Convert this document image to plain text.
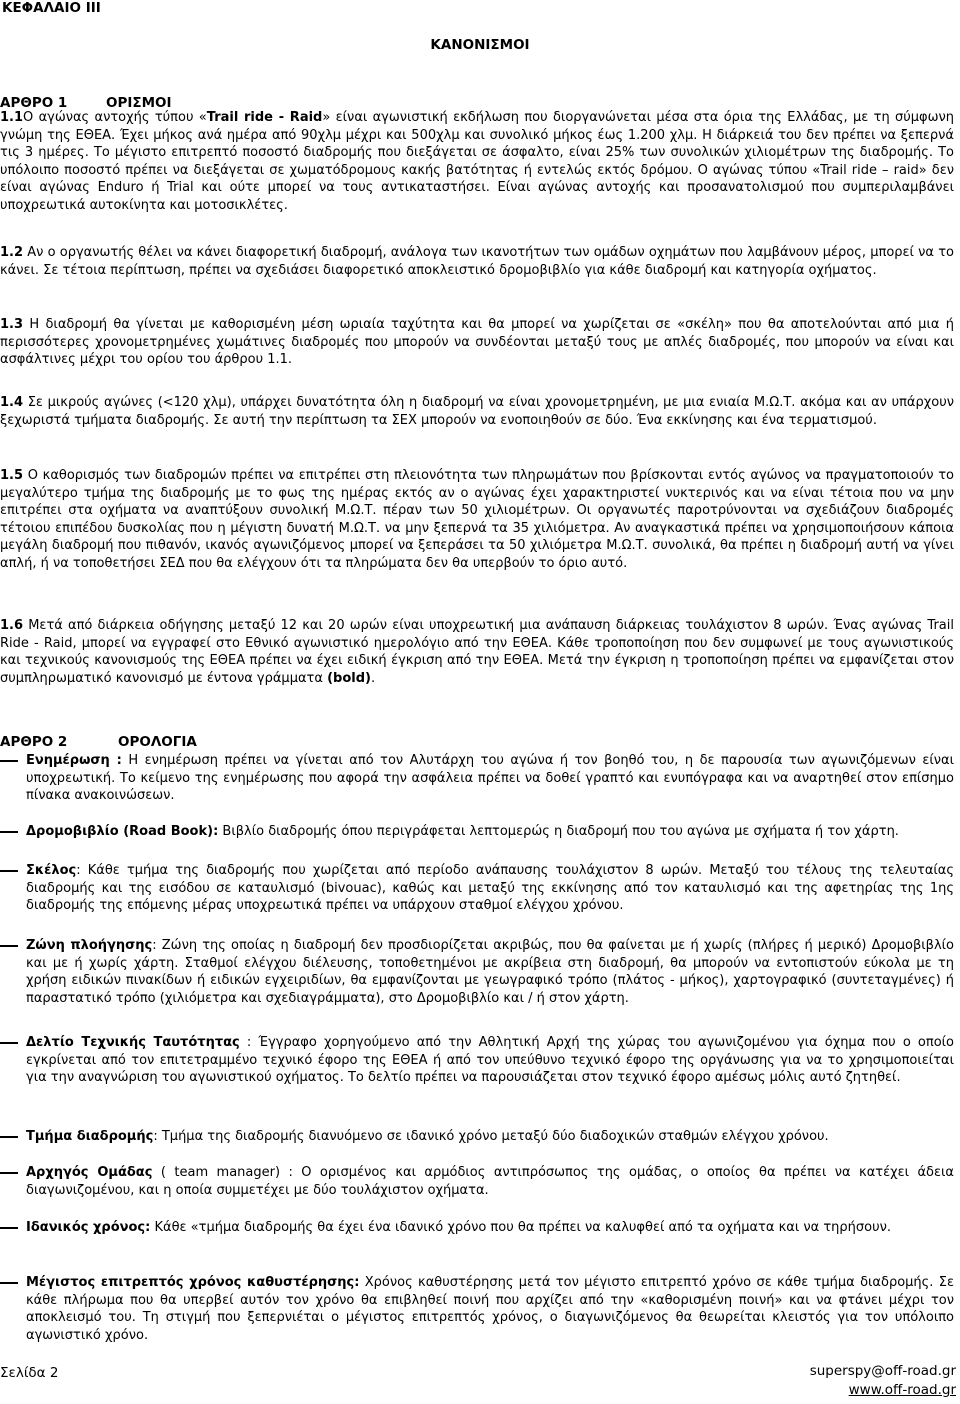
ΚΕΦΑΛΑΙΟ III
ΚΑΝΟΝΙΣΜΟΙ
ΑΡΘΡΟ 1	ΟΡΙΣΜΟΙ

1.1Ο αγώνας αντοχής τύπου «Trail ride - Raid» είναι αγωνιστική εκδήλωση που διοργανώνεται μέσα στα όρια της Ελλάδας, με τη σύμφωνη γνώμη της ΕΘΕΑ. Έχει μήκος ανά ημέρα από 90χλμ μέχρι και 500χλμ και συνολικό μήκος έως 1.200 χλμ. Η διάρκειά του δεν πρέπει να ξεπερνά τις 3 ημέρες. Το μέγιστο επιτρεπτό ποσοστό διαδρομής που διεξάγεται σε άσφαλτο, είναι 25% των συνολικών χιλιομέτρων της διαδρομής. Το υπόλοιπο ποσοστό πρέπει να διεξάγεται σε χωματόδρομους κακής βατότητας ή εντελώς εκτός δρόμου. Ο αγώνας τύπου «Trail ride – raid» δεν είναι αγώνας Enduro ή Trial και ούτε μπορεί να τους αντικαταστήσει. Είναι αγώνας αντοχής και προσανατολισμού που συμπεριλαμβάνει υποχρεωτικά αυτοκίνητα και μοτοσικλέτες.

1.2 Αν ο οργανωτής θέλει να κάνει διαφορετική διαδρομή, ανάλογα των ικανοτήτων των ομάδων οχημάτων που λαμβάνουν μέρος, μπορεί να το κάνει. Σε τέτοια περίπτωση, πρέπει να σχεδιάσει διαφορετικό αποκλειστικό δρομοβιβλίο για κάθε διαδρομή και κατηγορία οχήματος.

1.3 Η διαδρομή θα γίνεται με καθορισμένη μέση ωριαία ταχύτητα και θα μπορεί να χωρίζεται σε «σκέλη» που θα αποτελούνται από μια ή περισσότερες χρονομετρημένες χωμάτινες διαδρομές που μπορούν να συνδέονται μεταξύ τους με απλές διαδρομές, που μπορούν να είναι και ασφάλτινες μέχρι του ορίου του άρθρου 1.1.

1.4 Σε μικρούς αγώνες (<120 χλμ), υπάρχει δυνατότητα όλη η διαδρομή να είναι χρονομετρημένη, με μια ενιαία Μ.Ω.Τ. ακόμα και αν υπάρχουν ξεχωριστά τμήματα διαδρομής. Σε αυτή την περίπτωση τα ΣΕΧ μπορούν να ενοποιηθούν σε δύο. Ένα εκκίνησης και ένα τερματισμού.

1.5 Ο καθορισμός των διαδρομών πρέπει να επιτρέπει στη πλειονότητα των πληρωμάτων που βρίσκονται εντός αγώνος να πραγματοποιούν το μεγαλύτερο τμήμα της διαδρομής με το φως της ημέρας εκτός αν ο αγώνας έχει χαρακτηριστεί νυκτερινός και να είναι τέτοια που να μην επιτρέπει στα οχήματα να αναπτύξουν συνολική Μ.Ω.Τ. πέραν των 50 χιλιομέτρων. Οι οργανωτές παροτρύνονται να σχεδιάζουν διαδρομές τέτοιου επιπέδου δυσκολίας που η μέγιστη δυνατή Μ.Ω.Τ. να μην ξεπερνά τα 35 χιλιόμετρα. Αν αναγκαστικά πρέπει να χρησιμοποιήσουν κάποια μεγάλη διαδρομή που πιθανόν, ικανός αγωνιζόμενος μπορεί να ξεπεράσει τα 50 χιλιόμετρα Μ.Ω.Τ. συνολικά, θα πρέπει η διαδρομή αυτή να γίνει απλή, ή να τοποθετήσει ΣΕΔ που θα ελέγχουν ότι τα πληρώματα δεν θα υπερβούν το όριο αυτό.

1.6 Μετά από διάρκεια οδήγησης μεταξύ 12 και 20 ωρών είναι υποχρεωτική μια ανάπαυση διάρκειας τουλάχιστον 8 ωρών. Ένας αγώνας Trail Ride - Raid, μπορεί να εγγραφεί στο Εθνικό αγωνιστικό ημερολόγιο από την ΕΘΕΑ. Κάθε τροποποίηση που δεν συμφωνεί με τους αγωνιστικούς και τεχνικούς κανονισμούς της ΕΘΕΑ πρέπει να έχει ειδική έγκριση από την ΕΘΕΑ. Μετά την έγκριση η τροποποίηση πρέπει να εμφανίζεται στον συμπληρωματικό κανονισμό με έντονα γράμματα (bold).

ΑΡΘΡΟ 2	ΟΡΟΛΟΓΙΑ

Ενημέρωση : Η ενημέρωση πρέπει να γίνεται από τον Αλυτάρχη του αγώνα ή τον βοηθό του, η δε παρουσία των αγωνιζόμενων είναι υποχρεωτική. Το κείμενο της ενημέρωσης που αφορά την ασφάλεια πρέπει να δοθεί γραπτό και ενυπόγραφα και να αναρτηθεί στον επίσημο πίνακα ανακοινώσεων.

Δρομοβιβλίο (Road Book): Βιβλίο διαδρομής όπου περιγράφεται λεπτομερώς η διαδρομή που του αγώνα με σχήματα ή τον χάρτη.

Σκέλος: Κάθε τμήμα της διαδρομής που χωρίζεται από περίοδο ανάπαυσης τουλάχιστον 8 ωρών. Μεταξύ του τέλους της τελευταίας διαδρομής και της εισόδου σε καταυλισμό (bivouac), καθώς και μεταξύ της εκκίνησης από τον καταυλισμό και της αφετηρίας της 1ης διαδρομής της επόμενης μέρας υποχρεωτικά πρέπει να υπάρχουν σταθμοί ελέγχου χρόνου.

Ζώνη πλοήγησης: Ζώνη της οποίας η διαδρομή δεν προσδιορίζεται ακριβώς, που θα φαίνεται με ή χωρίς (πλήρες ή μερικό) Δρομοβιβλίο και με ή χωρίς χάρτη. Σταθμοί ελέγχου διέλευσης, τοποθετημένοι με ακρίβεια στη διαδρομή, θα μπορούν να εντοπιστούν εύκολα με τη χρήση ειδικών πινακίδων ή ειδικών εγχειριδίων, θα εμφανίζονται με γεωγραφικό τρόπο (πλάτος - μήκος), χαρτογραφικό (συντεταγμένες) ή παραστατικό τρόπο (χιλιόμετρα και σχεδιαγράμματα), στο Δρομοβιβλίο και / ή στον χάρτη.

Δελτίο Τεχνικής Ταυτότητας : Έγγραφο χορηγούμενο από την Αθλητική Αρχή της χώρας του αγωνιζομένου για όχημα που ο οποίο εγκρίνεται από τον επιτετραμμένο τεχνικό έφορο της ΕΘΕΑ ή από τον υπεύθυνο τεχνικό έφορο της οργάνωσης για να το χρησιμοποιείται για την αναγνώριση του αγωνιστικού οχήματος. Το δελτίο πρέπει να παρουσιάζεται στον τεχνικό έφορο αμέσως μόλις αυτό ζητηθεί.

Τμήμα διαδρομής: Τμήμα της διαδρομής διανυόμενο σε ιδανικό χρόνο μεταξύ δύο διαδοχικών σταθμών ελέγχου χρόνου.

Αρχηγός Ομάδας ( team manager) : Ο ορισμένος και αρμόδιος αντιπρόσωπος της ομάδας, ο οποίος θα πρέπει να κατέχει άδεια διαγωνιζομένου, και η οποία συμμετέχει με δύο τουλάχιστον οχήματα.

Ιδανικός χρόνος: Κάθε «τμήμα διαδρομής θα έχει ένα ιδανικό χρόνο που θα πρέπει να καλυφθεί από τα οχήματα και να τηρήσουν.

Μέγιστος επιτρεπτός χρόνος καθυστέρησης: Χρόνος καθυστέρησης μετά τον μέγιστο επιτρεπτό χρόνο σε κάθε τμήμα διαδρομής. Σε κάθε πλήρωμα που θα υπερβεί αυτόν τον χρόνο θα επιβληθεί ποινή που αρχίζει από την «καθορισμένη ποινή» και να φτάνει μέχρι τον αποκλεισμό του. Τη στιγμή που ξεπερνιέται ο μέγιστος επιτρεπτός χρόνος, ο διαγωνιζόμενος θα θεωρείται κλειστός για τον υπόλοιπο αγωνιστικό χρόνο.

Σελίδα 2	superspy@off-road.gr
www.off-road.gr
